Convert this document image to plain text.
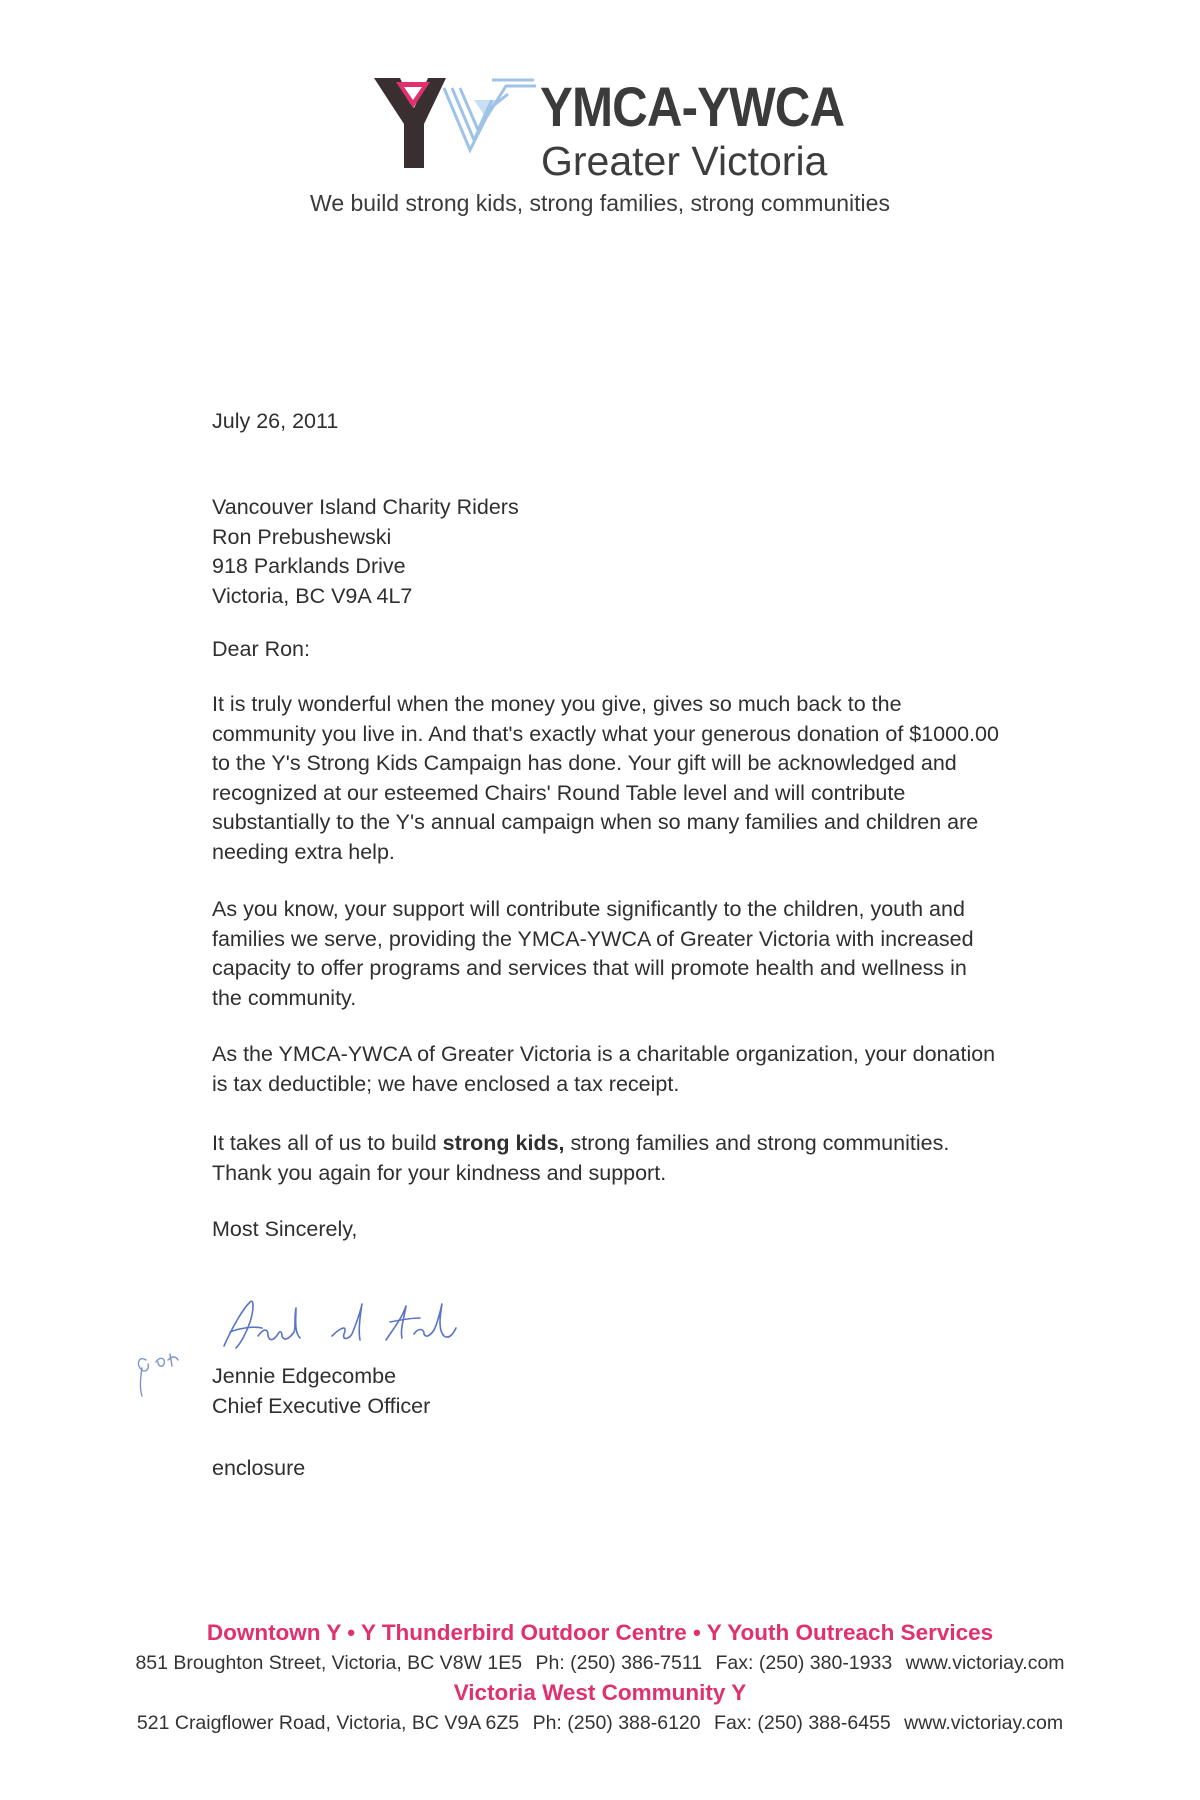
YMCA-YWCA
Greater Victoria
We build strong kids, strong families, strong communities
July 26, 2011
Vancouver Island Charity Riders
Ron Prebushewski
918 Parklands Drive
Victoria, BC V9A 4L7
Dear Ron:
It is truly wonderful when the money you give, gives so much back to the community you live in. And that's exactly what your generous donation of $1000.00 to the Y's Strong Kids Campaign has done. Your gift will be acknowledged and recognized at our esteemed Chairs' Round Table level and will contribute substantially to the Y's annual campaign when so many families and children are needing extra help.
As you know, your support will contribute significantly to the children, youth and families we serve, providing the YMCA-YWCA of Greater Victoria with increased capacity to offer programs and services that will promote health and wellness in the community.
As the YMCA-YWCA of Greater Victoria is a charitable organization, your donation is tax deductible; we have enclosed a tax receipt.
It takes all of us to build strong kids, strong families and strong communities. Thank you again for your kindness and support.
Most Sincerely,
Jennie Edgecombe
Chief Executive Officer
enclosure
Downtown Y • Y Thunderbird Outdoor Centre • Y Youth Outreach Services
851 Broughton Street, Victoria, BC V8W 1E5 Ph: (250) 386-7511 Fax: (250) 380-1933 www.victoriay.com
Victoria West Community Y
521 Craigflower Road, Victoria, BC V9A 6Z5 Ph: (250) 388-6120 Fax: (250) 388-6455 www.victoriay.com
